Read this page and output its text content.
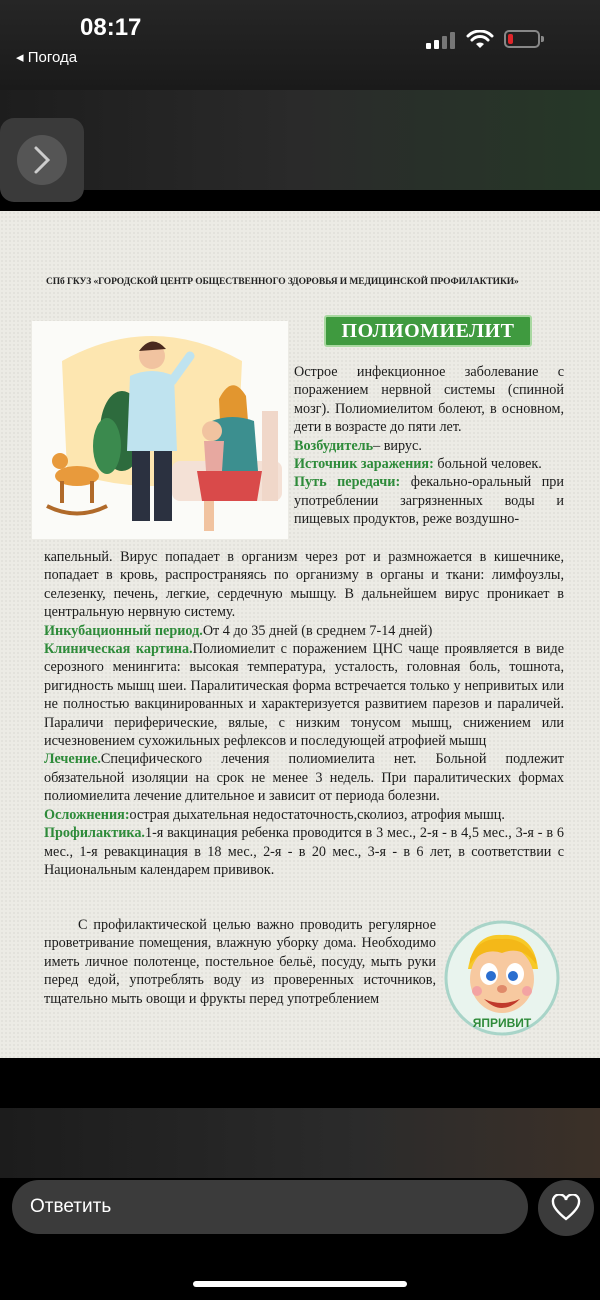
08:17
◂ Погода
СПб ГКУЗ «ГОРОДСКОЙ ЦЕНТР ОБЩЕСТВЕННОГО ЗДОРОВЬЯ И МЕДИЦИНСКОЙ ПРОФИЛАКТИКИ»
ПОЛИОМИЕЛИТ
Острое инфекционное заболевание с поражением нервной системы (спинной мозг). Полиомиелитом болеют, в основном, дети в возрасте до пяти лет.
Возбудитель– вирус.
Источник заражения: больной человек.
Путь передачи: фекально-оральный при употреблении загрязненных воды и пищевых продуктов, реже воздушно-
капельный. Вирус попадает в организм через рот и размножается в кишечнике, попадает в кровь, распространяясь по организму в органы и ткани: лимфоузлы, селезенку, печень, легкие, сердечную мышцу. В дальнейшем вирус проникает в центральную нервную систему.
Инкубационный период.От 4 до 35 дней (в среднем 7-14 дней)
Клиническая картина.Полиомиелит с поражением ЦНС чаще проявляется в виде серозного менингита: высокая температура, усталость, головная боль, тошнота, ригидность мышц шеи. Паралитическая форма встречается только у непривитых или не полностью вакцинированных и характеризуется развитием парезов и параличей. Параличи периферические, вялые, с низким тонусом мышц, снижением или исчезновением сухожильных рефлексов и последующей атрофией мышц
Лечение.Специфического лечения полиомиелита нет. Больной подлежит обязательной изоляции на срок не менее 3 недель. При паралитических формах полиомиелита лечение длительное и зависит от периода болезни.
Осложнения:острая дыхательная недостаточность,сколиоз, атрофия мышц.
Профилактика.1-я вакцинация ребенка проводится в 3 мес., 2-я - в 4,5 мес., 3-я - в 6 мес., 1-я ревакцинация в 18 мес., 2-я - в 20 мес., 3-я - в 6 лет, в соответствии с Национальным календарем прививок.
С профилактической целью важно проводить регулярное проветривание помещения, влажную уборку дома. Необходимо иметь личное полотенце, постельное бельё, посуду, мыть руки перед едой, употреблять воду из проверенных источников, тщательно мыть овощи и фрукты перед употреблением
ЯПРИВИТ
Ответить
